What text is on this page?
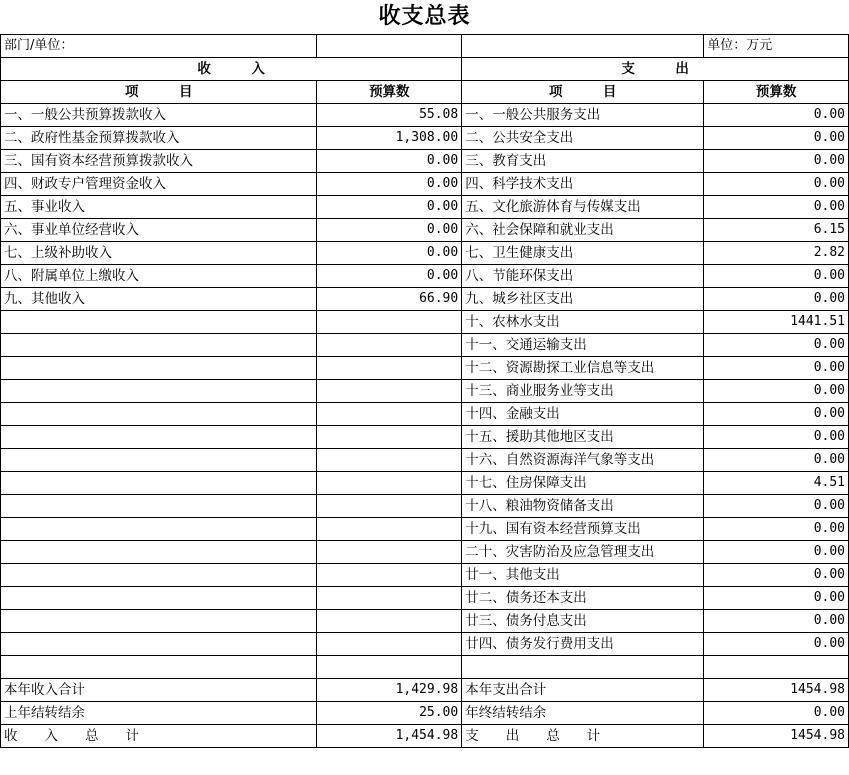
收支总表
部门/单位：			单位：万元
收　　　入		支　　　出	
项　　　目	预算数	项　　　目	预算数
一、一般公共预算拨款收入	55.08	一、一般公共服务支出	0.00
二、政府性基金预算拨款收入	1,308.00	二、公共安全支出	0.00
三、国有资本经营预算拨款收入	0.00	三、教育支出	0.00
四、财政专户管理资金收入	0.00	四、科学技术支出	0.00
五、事业收入	0.00	五、文化旅游体育与传媒支出	0.00
六、事业单位经营收入	0.00	六、社会保障和就业支出	6.15
七、上级补助收入	0.00	七、卫生健康支出	2.82
八、附属单位上缴收入	0.00	八、节能环保支出	0.00
九、其他收入	66.90	九、城乡社区支出	0.00
		十、农林水支出	1441.51
		十一、交通运输支出	0.00
		十二、资源勘探工业信息等支出	0.00
		十三、商业服务业等支出	0.00
		十四、金融支出	0.00
		十五、援助其他地区支出	0.00
		十六、自然资源海洋气象等支出	0.00
		十七、住房保障支出	4.51
		十八、粮油物资储备支出	0.00
		十九、国有资本经营预算支出	0.00
		二十、灾害防治及应急管理支出	0.00
		廿一、其他支出	0.00
		廿二、债务还本支出	0.00
		廿三、债务付息支出	0.00
		廿四、债务发行费用支出	0.00

本年收入合计	1,429.98	本年支出合计	1454.98
上年结转结余	25.00	年终结转结余	0.00
收　　入　　总　　计	1,454.98	支　　出　　总　　计	1454.98
